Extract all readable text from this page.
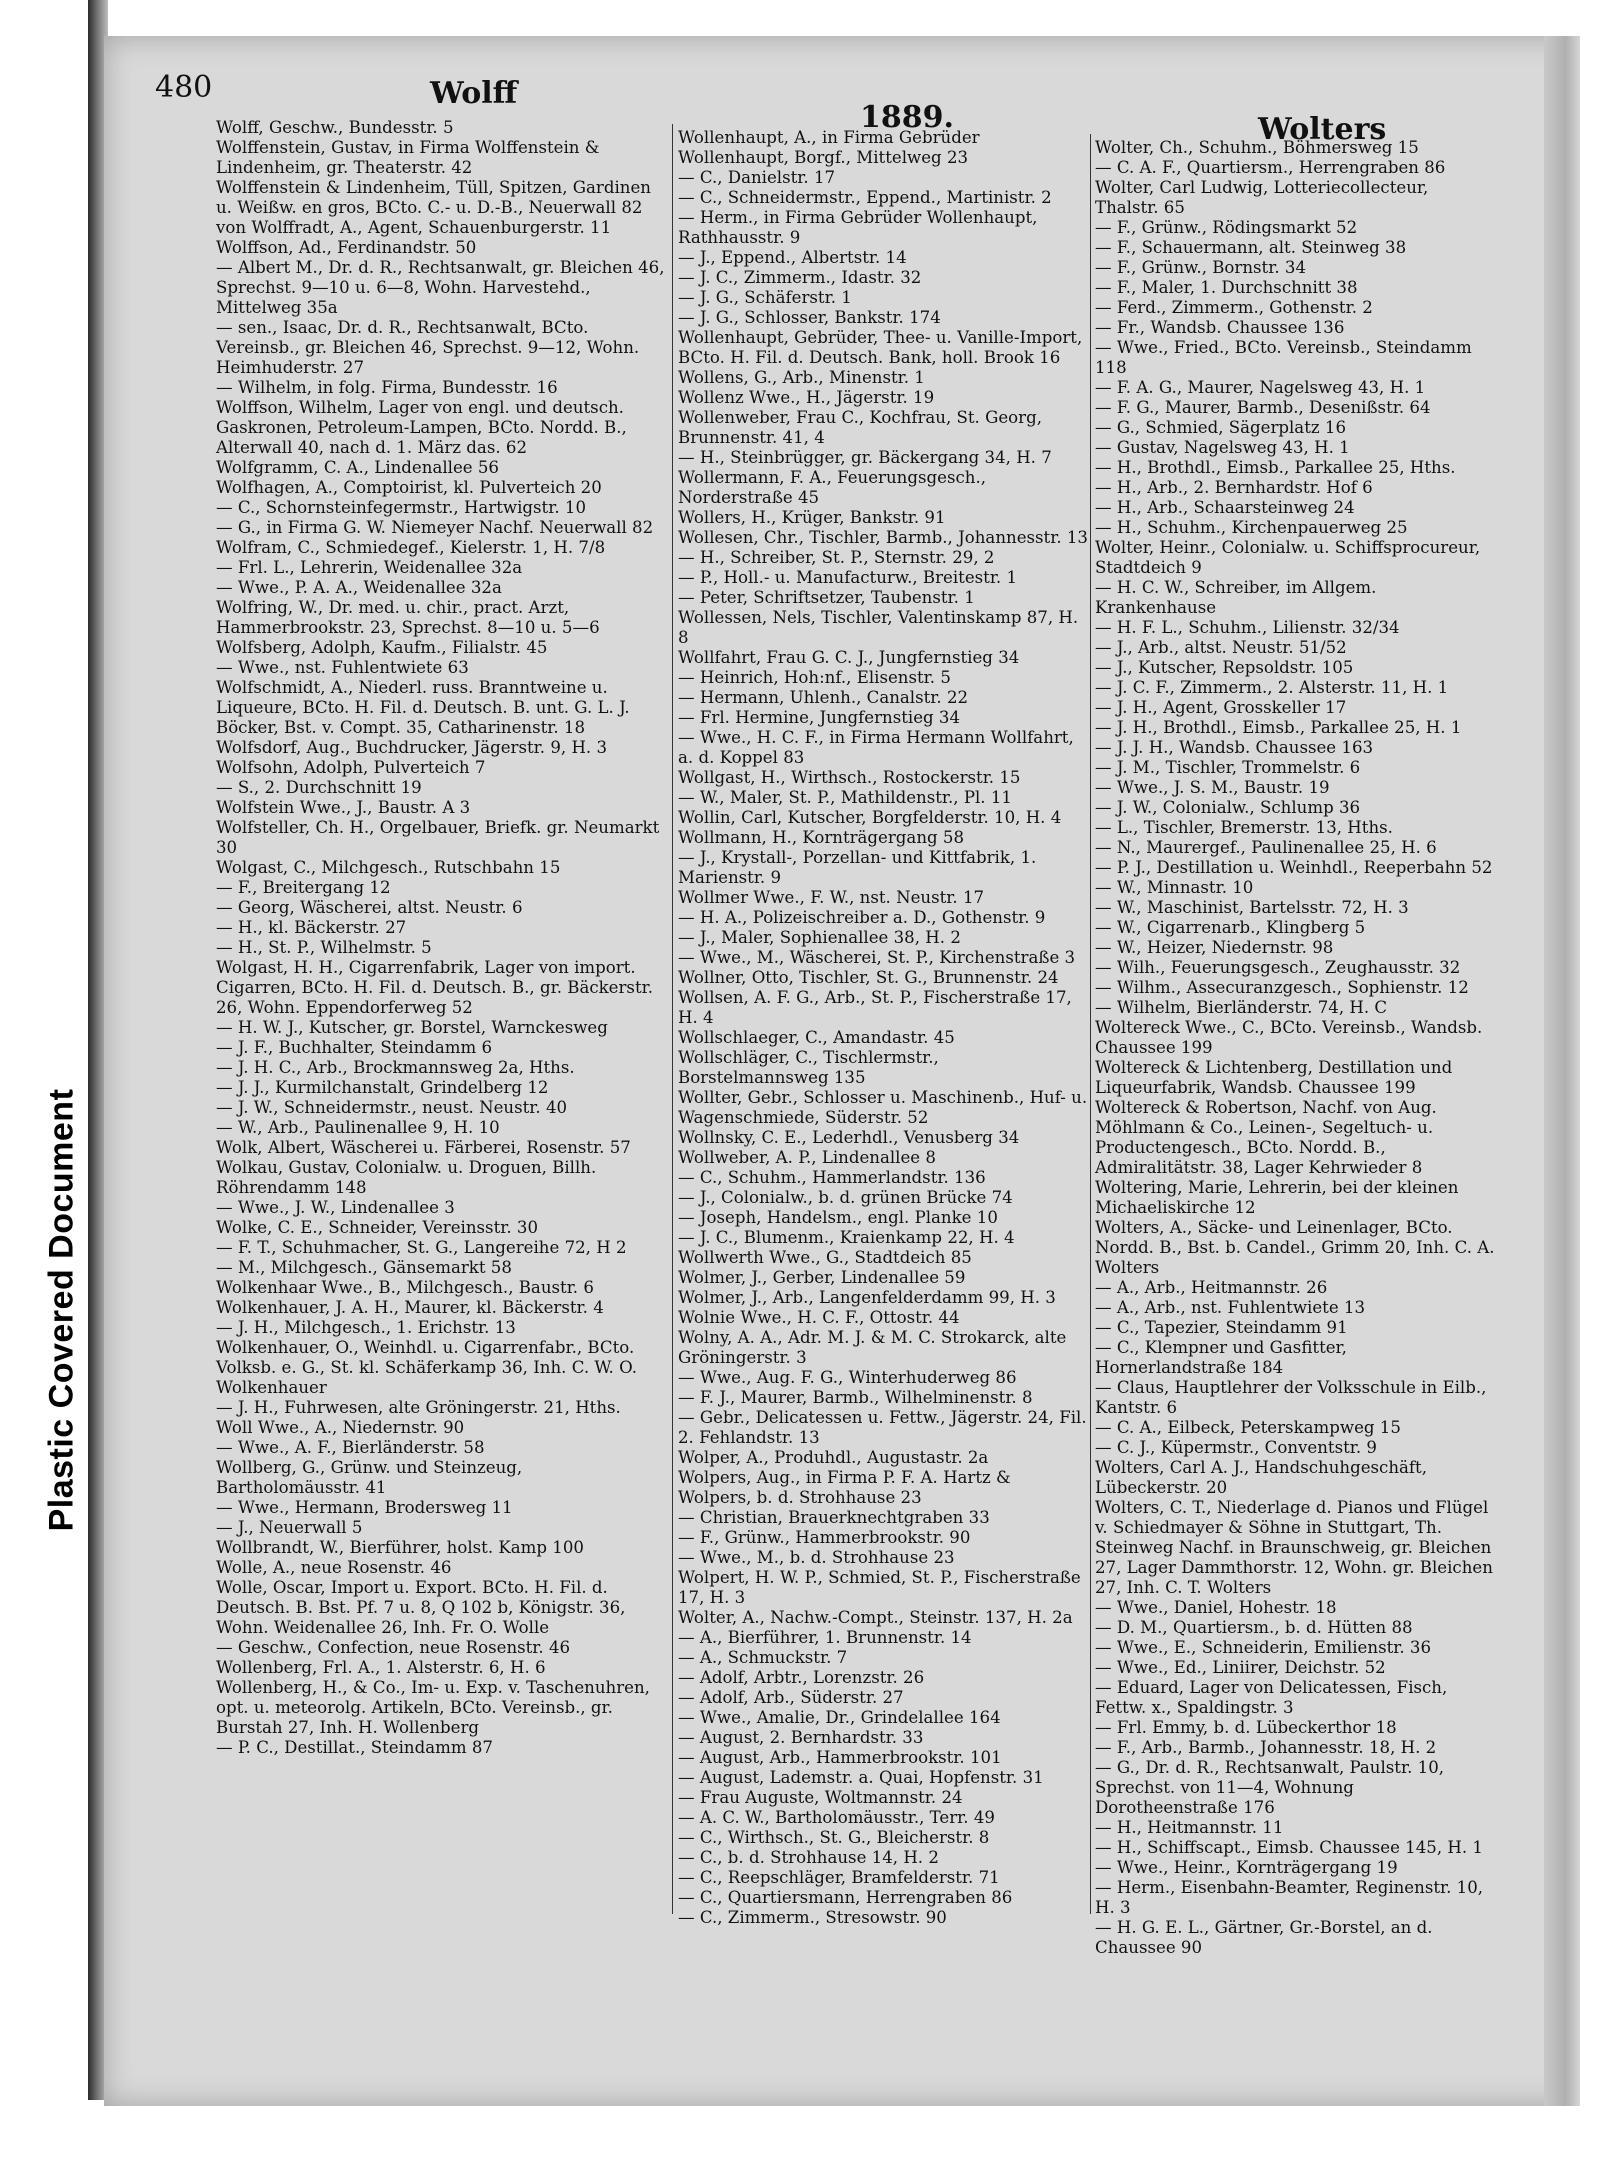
Plastic Covered Document
480	Wolff
1889.	Wolters
Wolff, Geschw., Bundesstr. 5
Wolffenstein, Gustav, in Firma Wolffenstein & Lindenheim, gr. Theaterstr. 42
Wolffenstein & Lindenheim, Tüll, Spitzen, Gardinen u. Weißw. en gros, BCto. C.- u. D.-B., Neuerwall 82
von Wolffradt, A., Agent, Schauenburgerstr. 11
Wolffson, Ad., Ferdinandstr. 50
— Albert M., Dr. d. R., Rechtsanwalt, gr. Bleichen 46, Sprechst. 9—10 u. 6—8, Wohn. Harvestehd., Mittelweg 35a
— sen., Isaac, Dr. d. R., Rechtsanwalt, BCto. Vereinsb., gr. Bleichen 46, Sprechst. 9—12, Wohn. Heimhuderstr. 27
— Wilhelm, in folg. Firma, Bundesstr. 16
Wolffson, Wilhelm, Lager von engl. und deutsch. Gaskronen, Petroleum-Lampen, BCto. Nordd. B., Alterwall 40, nach d. 1. März das. 62
Wolfgramm, C. A., Lindenallee 56
Wolfhagen, A., Comptoirist, kl. Pulverteich 20
— C., Schornsteinfegermstr., Hartwigstr. 10
— G., in Firma G. W. Niemeyer Nachf. Neuerwall 82
Wolfram, C., Schmiedegef., Kielerstr. 1, H. 7/8
— Frl. L., Lehrerin, Weidenallee 32a
— Wwe., P. A. A., Weidenallee 32a
Wolfring, W., Dr. med. u. chir., pract. Arzt, Hammerbrookstr. 23, Sprechst. 8—10 u. 5—6
Wolfsberg, Adolph, Kaufm., Filialstr. 45
— Wwe., nst. Fuhlentwiete 63
Wolfschmidt, A., Niederl. russ. Branntweine u. Liqueure, BCto. H. Fil. d. Deutsch. B. unt. G. L. J. Böcker, Bst. v. Compt. 35, Catharinenstr. 18
Wolfsdorf, Aug., Buchdrucker, Jägerstr. 9, H. 3
Wolfsohn, Adolph, Pulverteich 7
— S., 2. Durchschnitt 19
Wolfstein Wwe., J., Baustr. A 3
Wolfsteller, Ch. H., Orgelbauer, Briefk. gr. Neumarkt 30
Wolgast, C., Milchgesch., Rutschbahn 15
— F., Breitergang 12
— Georg, Wäscherei, altst. Neustr. 6
— H., kl. Bäckerstr. 27
— H., St. P., Wilhelmstr. 5
Wolgast, H. H., Cigarrenfabrik, Lager von import. Cigarren, BCto. H. Fil. d. Deutsch. B., gr. Bäckerstr. 26, Wohn. Eppendorferweg 52
— H. W. J., Kutscher, gr. Borstel, Warnckesweg
— J. F., Buchhalter, Steindamm 6
— J. H. C., Arb., Brockmannsweg 2a, Hths.
— J. J., Kurmilchanstalt, Grindelberg 12
— J. W., Schneidermstr., neust. Neustr. 40
— W., Arb., Paulinenallee 9, H. 10
Wolk, Albert, Wäscherei u. Färberei, Rosenstr. 57
Wolkau, Gustav, Colonialw. u. Droguen, Billh. Röhrendamm 148
— Wwe., J. W., Lindenallee 3
Wolke, C. E., Schneider, Vereinsstr. 30
— F. T., Schuhmacher, St. G., Langereihe 72, H 2
— M., Milchgesch., Gänsemarkt 58
Wolkenhaar Wwe., B., Milchgesch., Baustr. 6
Wolkenhauer, J. A. H., Maurer, kl. Bäckerstr. 4
— J. H., Milchgesch., 1. Erichstr. 13
Wolkenhauer, O., Weinhdl. u. Cigarrenfabr., BCto. Volksb. e. G., St. kl. Schäferkamp 36, Inh. C. W. O. Wolkenhauer
— J. H., Fuhrwesen, alte Gröningerstr. 21, Hths.
Woll Wwe., A., Niedernstr. 90
— Wwe., A. F., Bierländerstr. 58
Wollberg, G., Grünw. und Steinzeug, Bartholomäusstr. 41
— Wwe., Hermann, Brodersweg 11
— J., Neuerwall 5
Wollbrandt, W., Bierführer, holst. Kamp 100
Wolle, A., neue Rosenstr. 46
Wolle, Oscar, Import u. Export. BCto. H. Fil. d. Deutsch. B. Bst. Pf. 7 u. 8, Q 102 b, Königstr. 36, Wohn. Weidenallee 26, Inh. Fr. O. Wolle
— Geschw., Confection, neue Rosenstr. 46
Wollenberg, Frl. A., 1. Alsterstr. 6, H. 6
Wollenberg, H., & Co., Im- u. Exp. v. Taschenuhren, opt. u. meteorolg. Artikeln, BCto. Vereinsb., gr. Burstah 27, Inh. H. Wollenberg
— P. C., Destillat., Steindamm 87
Wollenhaupt, A., in Firma Gebrüder Wollenhaupt, Borgf., Mittelweg 23
— C., Danielstr. 17
— C., Schneidermstr., Eppend., Martinistr. 2
— Herm., in Firma Gebrüder Wollenhaupt, Rathhausstr. 9
— J., Eppend., Albertstr. 14
— J. C., Zimmerm., Idastr. 32
— J. G., Schäferstr. 1
— J. G., Schlosser, Bankstr. 174
Wollenhaupt, Gebrüder, Thee- u. Vanille-Import, BCto. H. Fil. d. Deutsch. Bank, holl. Brook 16
Wollens, G., Arb., Minenstr. 1
Wollenz Wwe., H., Jägerstr. 19
Wollenweber, Frau C., Kochfrau, St. Georg, Brunnenstr. 41, 4
— H., Steinbrügger, gr. Bäckergang 34, H. 7
Wollermann, F. A., Feuerungsgesch., Norderstraße 45
Wollers, H., Krüger, Bankstr. 91
Wollesen, Chr., Tischler, Barmb., Johannesstr. 13
— H., Schreiber, St. P., Sternstr. 29, 2
— P., Holl.- u. Manufacturw., Breitestr. 1
— Peter, Schriftsetzer, Taubenstr. 1
Wollessen, Nels, Tischler, Valentinskamp 87, H. 8
Wollfahrt, Frau G. C. J., Jungfernstieg 34
— Heinrich, Hoh:nf., Elisenstr. 5
— Hermann, Uhlenh., Canalstr. 22
— Frl. Hermine, Jungfernstieg 34
— Wwe., H. C. F., in Firma Hermann Wollfahrt, a. d. Koppel 83
Wollgast, H., Wirthsch., Rostockerstr. 15
— W., Maler, St. P., Mathildenstr., Pl. 11
Wollin, Carl, Kutscher, Borgfelderstr. 10, H. 4
Wollmann, H., Kornträgergang 58
— J., Krystall-, Porzellan- und Kittfabrik, 1. Marienstr. 9
Wollmer Wwe., F. W., nst. Neustr. 17
— H. A., Polizeischreiber a. D., Gothenstr. 9
— J., Maler, Sophienallee 38, H. 2
— Wwe., M., Wäscherei, St. P., Kirchenstraße 3
Wollner, Otto, Tischler, St. G., Brunnenstr. 24
Wollsen, A. F. G., Arb., St. P., Fischerstraße 17, H. 4
Wollschlaeger, C., Amandastr. 45
Wollschläger, C., Tischlermstr., Borstelmannsweg 135
Wollter, Gebr., Schlosser u. Maschinenb., Huf- u. Wagenschmiede, Süderstr. 52
Wollnsky, C. E., Lederhdl., Venusberg 34
Wollweber, A. P., Lindenallee 8
— C., Schuhm., Hammerlandstr. 136
— J., Colonialw., b. d. grünen Brücke 74
— Joseph, Handelsm., engl. Planke 10
— J. C., Blumenm., Kraienkamp 22, H. 4
Wollwerth Wwe., G., Stadtdeich 85
Wolmer, J., Gerber, Lindenallee 59
Wolmer, J., Arb., Langenfelderdamm 99, H. 3
Wolnie Wwe., H. C. F., Ottostr. 44
Wolny, A. A., Adr. M. J. & M. C. Strokarck, alte Gröningerstr. 3
— Wwe., Aug. F. G., Winterhuderweg 86
— F. J., Maurer, Barmb., Wilhelminenstr. 8
— Gebr., Delicatessen u. Fettw., Jägerstr. 24, Fil. 2. Fehlandstr. 13
Wolper, A., Produhdl., Augustastr. 2a
Wolpers, Aug., in Firma P. F. A. Hartz & Wolpers, b. d. Strohhause 23
— Christian, Brauerknechtgraben 33
— F., Grünw., Hammerbrookstr. 90
— Wwe., M., b. d. Strohhause 23
Wolpert, H. W. P., Schmied, St. P., Fischerstraße 17, H. 3
Wolter, A., Nachw.-Compt., Steinstr. 137, H. 2a
— A., Bierführer, 1. Brunnenstr. 14
— A., Schmuckstr. 7
— Adolf, Arbtr., Lorenzstr. 26
— Adolf, Arb., Süderstr. 27
— Wwe., Amalie, Dr., Grindelallee 164
— August, 2. Bernhardstr. 33
— August, Arb., Hammerbrookstr. 101
— August, Lademstr. a. Quai, Hopfenstr. 31
— Frau Auguste, Woltmannstr. 24
— A. C. W., Bartholomäusstr., Terr. 49
— C., Wirthsch., St. G., Bleicherstr. 8
— C., b. d. Strohhause 14, H. 2
— C., Reepschläger, Bramfelderstr. 71
— C., Quartiersmann, Herrengraben 86
— C., Zimmerm., Stresowstr. 90
Wolter, Ch., Schuhm., Böhmersweg 15
— C. A. F., Quartiersm., Herrengraben 86
Wolter, Carl Ludwig, Lotteriecollecteur, Thalstr. 65
— F., Grünw., Rödingsmarkt 52
— F., Schauermann, alt. Steinweg 38
— F., Grünw., Bornstr. 34
— F., Maler, 1. Durchschnitt 38
— Ferd., Zimmerm., Gothenstr. 2
— Fr., Wandsb. Chaussee 136
— Wwe., Fried., BCto. Vereinsb., Steindamm 118
— F. A. G., Maurer, Nagelsweg 43, H. 1
— F. G., Maurer, Barmb., Desenißstr. 64
— G., Schmied, Sägerplatz 16
— Gustav, Nagelsweg 43, H. 1
— H., Brothdl., Eimsb., Parkallee 25, Hths.
— H., Arb., 2. Bernhardstr. Hof 6
— H., Arb., Schaarsteinweg 24
— H., Schuhm., Kirchenpauerweg 25
Wolter, Heinr., Colonialw. u. Schiffsprocureur, Stadtdeich 9
— H. C. W., Schreiber, im Allgem. Krankenhause
— H. F. L., Schuhm., Lilienstr. 32/34
— J., Arb., altst. Neustr. 51/52
— J., Kutscher, Repsoldstr. 105
— J. C. F., Zimmerm., 2. Alsterstr. 11, H. 1
— J. H., Agent, Grosskeller 17
— J. H., Brothdl., Eimsb., Parkallee 25, H. 1
— J. J. H., Wandsb. Chaussee 163
— J. M., Tischler, Trommelstr. 6
— Wwe., J. S. M., Baustr. 19
— J. W., Colonialw., Schlump 36
— L., Tischler, Bremerstr. 13, Hths.
— N., Maurergef., Paulinenallee 25, H. 6
— P. J., Destillation u. Weinhdl., Reeperbahn 52
— W., Minnastr. 10
— W., Maschinist, Bartelsstr. 72, H. 3
— W., Cigarrenarb., Klingberg 5
— W., Heizer, Niedernstr. 98
— Wilh., Feuerungsgesch., Zeughausstr. 32
— Wilhm., Assecuranzgesch., Sophienstr. 12
— Wilhelm, Bierländerstr. 74, H. C
Woltereck Wwe., C., BCto. Vereinsb., Wandsb. Chaussee 199
Woltereck & Lichtenberg, Destillation und Liqueurfabrik, Wandsb. Chaussee 199
Woltereck & Robertson, Nachf. von Aug. Möhlmann & Co., Leinen-, Segeltuch- u. Productengesch., BCto. Nordd. B., Admiralitätstr. 38, Lager Kehrwieder 8
Woltering, Marie, Lehrerin, bei der kleinen Michaeliskirche 12
Wolters, A., Säcke- und Leinenlager, BCto. Nordd. B., Bst. b. Candel., Grimm 20, Inh. C. A. Wolters
— A., Arb., Heitmannstr. 26
— A., Arb., nst. Fuhlentwiete 13
— C., Tapezier, Steindamm 91
— C., Klempner und Gasfitter, Hornerlandstraße 184
— Claus, Hauptlehrer der Volksschule in Eilb., Kantstr. 6
— C. A., Eilbeck, Peterskampweg 15
— C. J., Küpermstr., Conventstr. 9
Wolters, Carl A. J., Handschuhgeschäft, Lübeckerstr. 20
Wolters, C. T., Niederlage d. Pianos und Flügel v. Schiedmayer & Söhne in Stuttgart, Th. Steinweg Nachf. in Braunschweig, gr. Bleichen 27, Lager Dammthorstr. 12, Wohn. gr. Bleichen 27, Inh. C. T. Wolters
— Wwe., Daniel, Hohestr. 18
— D. M., Quartiersm., b. d. Hütten 88
— Wwe., E., Schneiderin, Emilienstr. 36
— Wwe., Ed., Liniirer, Deichstr. 52
— Eduard, Lager von Delicatessen, Fisch, Fettw. x., Spaldingstr. 3
— Frl. Emmy, b. d. Lübeckerthor 18
— F., Arb., Barmb., Johannesstr. 18, H. 2
— G., Dr. d. R., Rechtsanwalt, Paulstr. 10, Sprechst. von 11—4, Wohnung Dorotheenstraße 176
— H., Heitmannstr. 11
— H., Schiffscapt., Eimsb. Chaussee 145, H. 1
— Wwe., Heinr., Kornträgergang 19
— Herm., Eisenbahn-Beamter, Reginenstr. 10, H. 3
— H. G. E. L., Gärtner, Gr.-Borstel, an d. Chaussee 90
